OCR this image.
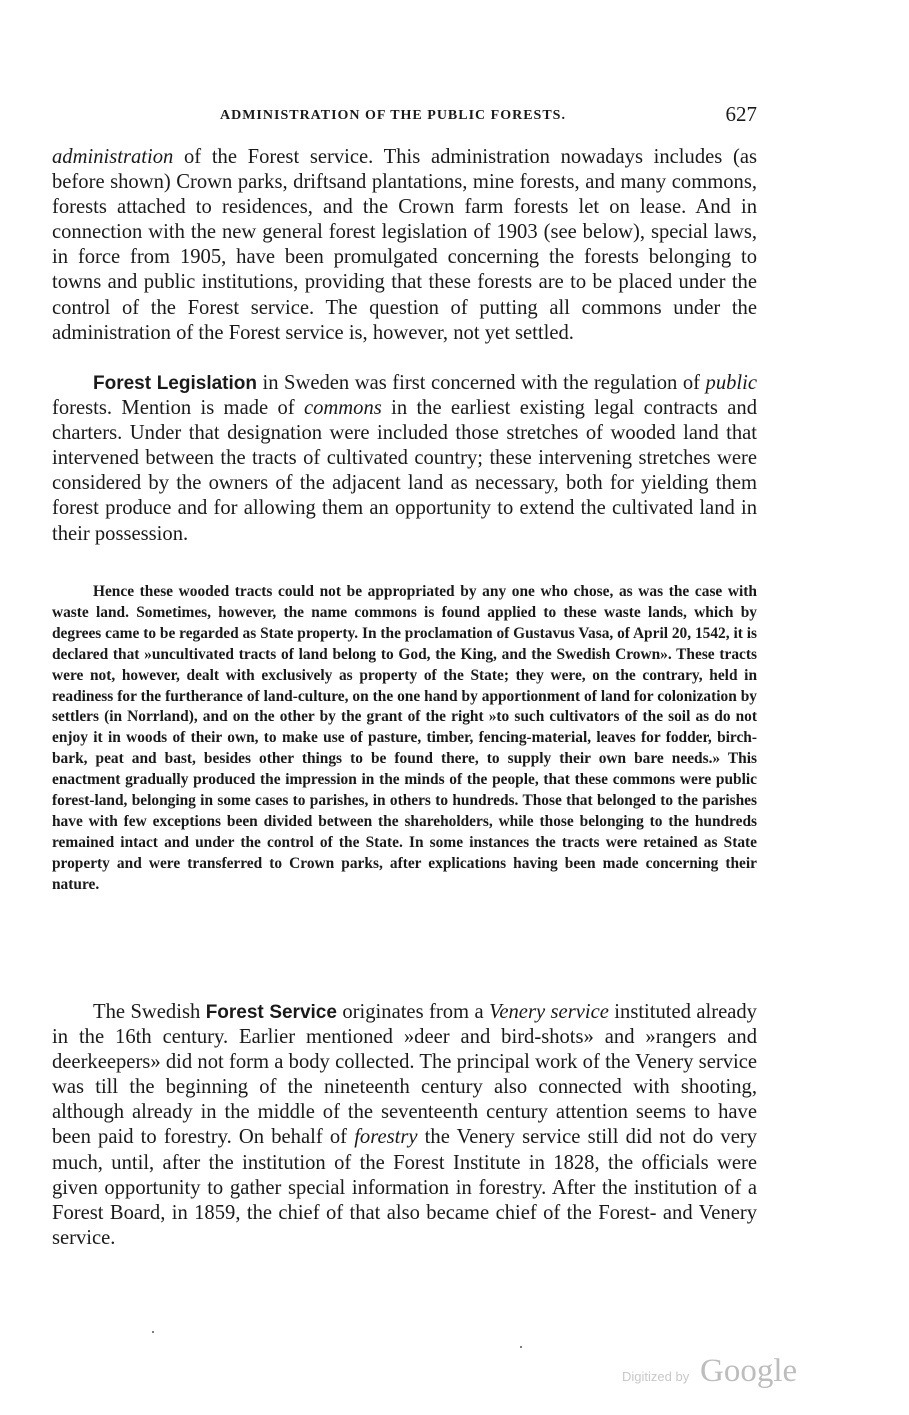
ADMINISTRATION OF THE PUBLIC FORESTS.	627

administration of the Forest service. This administration nowadays includes (as before shown) Crown parks, driftsand plantations, mine forests, and many commons, forests attached to residences, and the Crown farm forests let on lease. And in connection with the new general forest legislation of 1903 (see below), special laws, in force from 1905, have been promulgated concerning the forests belonging to towns and public institutions, providing that these forests are to be placed under the control of the Forest service. The question of putting all commons under the administration of the Forest service is, however, not yet settled.

Forest Legislation in Sweden was first concerned with the regulation of public forests. Mention is made of commons in the earliest existing legal contracts and charters. Under that designation were included those stretches of wooded land that intervened between the tracts of cultivated country; these intervening stretches were considered by the owners of the adjacent land as necessary, both for yielding them forest produce and for allowing them an opportunity to extend the cultivated land in their possession.

Hence these wooded tracts could not be appropriated by any one who chose, as was the case with waste land. Sometimes, however, the name commons is found applied to these waste lands, which by degrees came to be regarded as State property. In the proclamation of Gustavus Vasa, of April 20, 1542, it is declared that »uncultivated tracts of land belong to God, the King, and the Swedish Crown». These tracts were not, however, dealt with exclusively as property of the State; they were, on the contrary, held in readiness for the furtherance of land-culture, on the one hand by apportionment of land for colonization by settlers (in Norrland), and on the other by the grant of the right »to such cultivators of the soil as do not enjoy it in woods of their own, to make use of pasture, timber, fencing-material, leaves for fodder, birch-bark, peat and bast, besides other things to be found there, to supply their own bare needs.» This enactment gradually produced the impression in the minds of the people, that these commons were public forest-land, belonging in some cases to parishes, in others to hundreds. Those that belonged to the parishes have with few exceptions been divided between the shareholders, while those belonging to the hundreds remained intact and under the control of the State. In some instances the tracts were retained as State property and were transferred to Crown parks, after explications having been made concerning their nature.

The Swedish Forest Service originates from a Venery service instituted already in the 16th century. Earlier mentioned »deer and bird-shots» and »rangers and deerkeepers» did not form a body collected. The principal work of the Venery service was till the beginning of the nineteenth century also connected with shooting, although already in the middle of the seventeenth century attention seems to have been paid to forestry. On behalf of forestry the Venery service still did not do very much, until, after the institution of the Forest Institute in 1828, the officials were given opportunity to gather special information in forestry. After the institution of a Forest Board, in 1859, the chief of that also became chief of the Forest- and Venery service.

Digitized by Google
